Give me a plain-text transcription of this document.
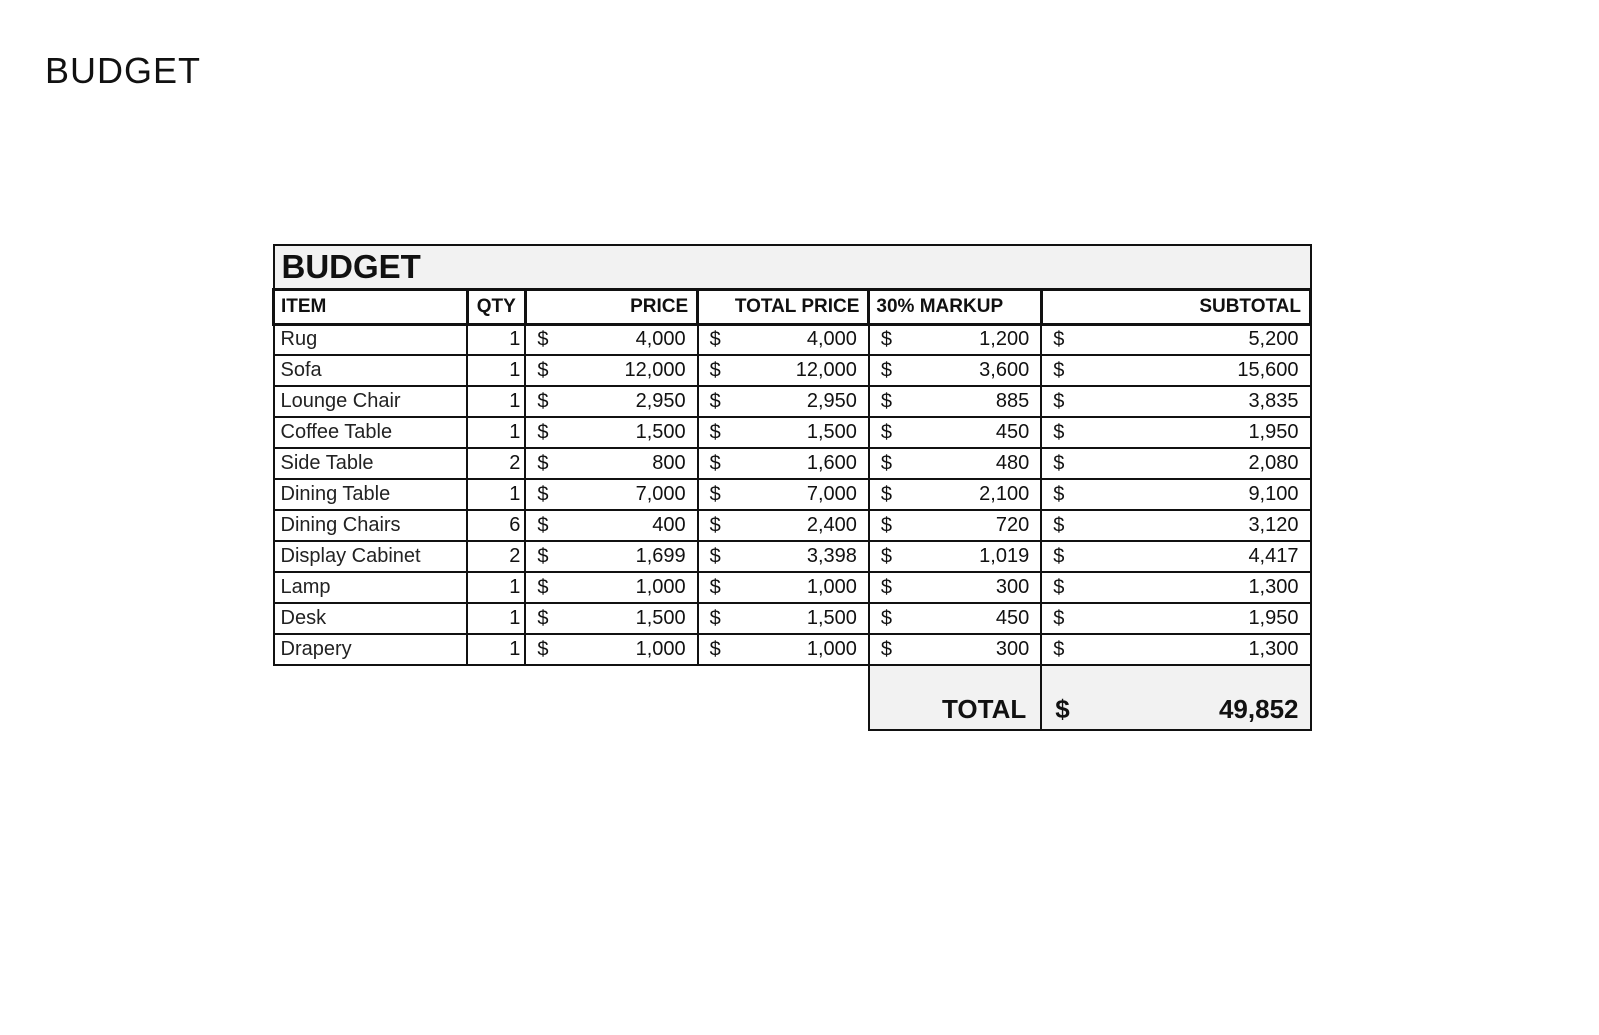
BUDGET
BUDGET					
ITEM	QTY	PRICE	TOTAL PRICE	30% MARKUP	SUBTOTAL
Rug	1	$ 4,000	$ 4,000	$ 1,200	$ 5,200
Sofa	1	$ 12,000	$ 12,000	$ 3,600	$ 15,600
Lounge Chair	1	$ 2,950	$ 2,950	$ 885	$ 3,835
Coffee Table	1	$ 1,500	$ 1,500	$ 450	$ 1,950
Side Table	2	$ 800	$ 1,600	$ 480	$ 2,080
Dining Table	1	$ 7,000	$ 7,000	$ 2,100	$ 9,100
Dining Chairs	6	$ 400	$ 2,400	$ 720	$ 3,120
Display Cabinet	2	$ 1,699	$ 3,398	$ 1,019	$ 4,417
Lamp	1	$ 1,000	$ 1,000	$ 300	$ 1,300
Desk	1	$ 1,500	$ 1,500	$ 450	$ 1,950
Drapery	1	$ 1,000	$ 1,000	$ 300	$ 1,300
				TOTAL	$ 49,852
